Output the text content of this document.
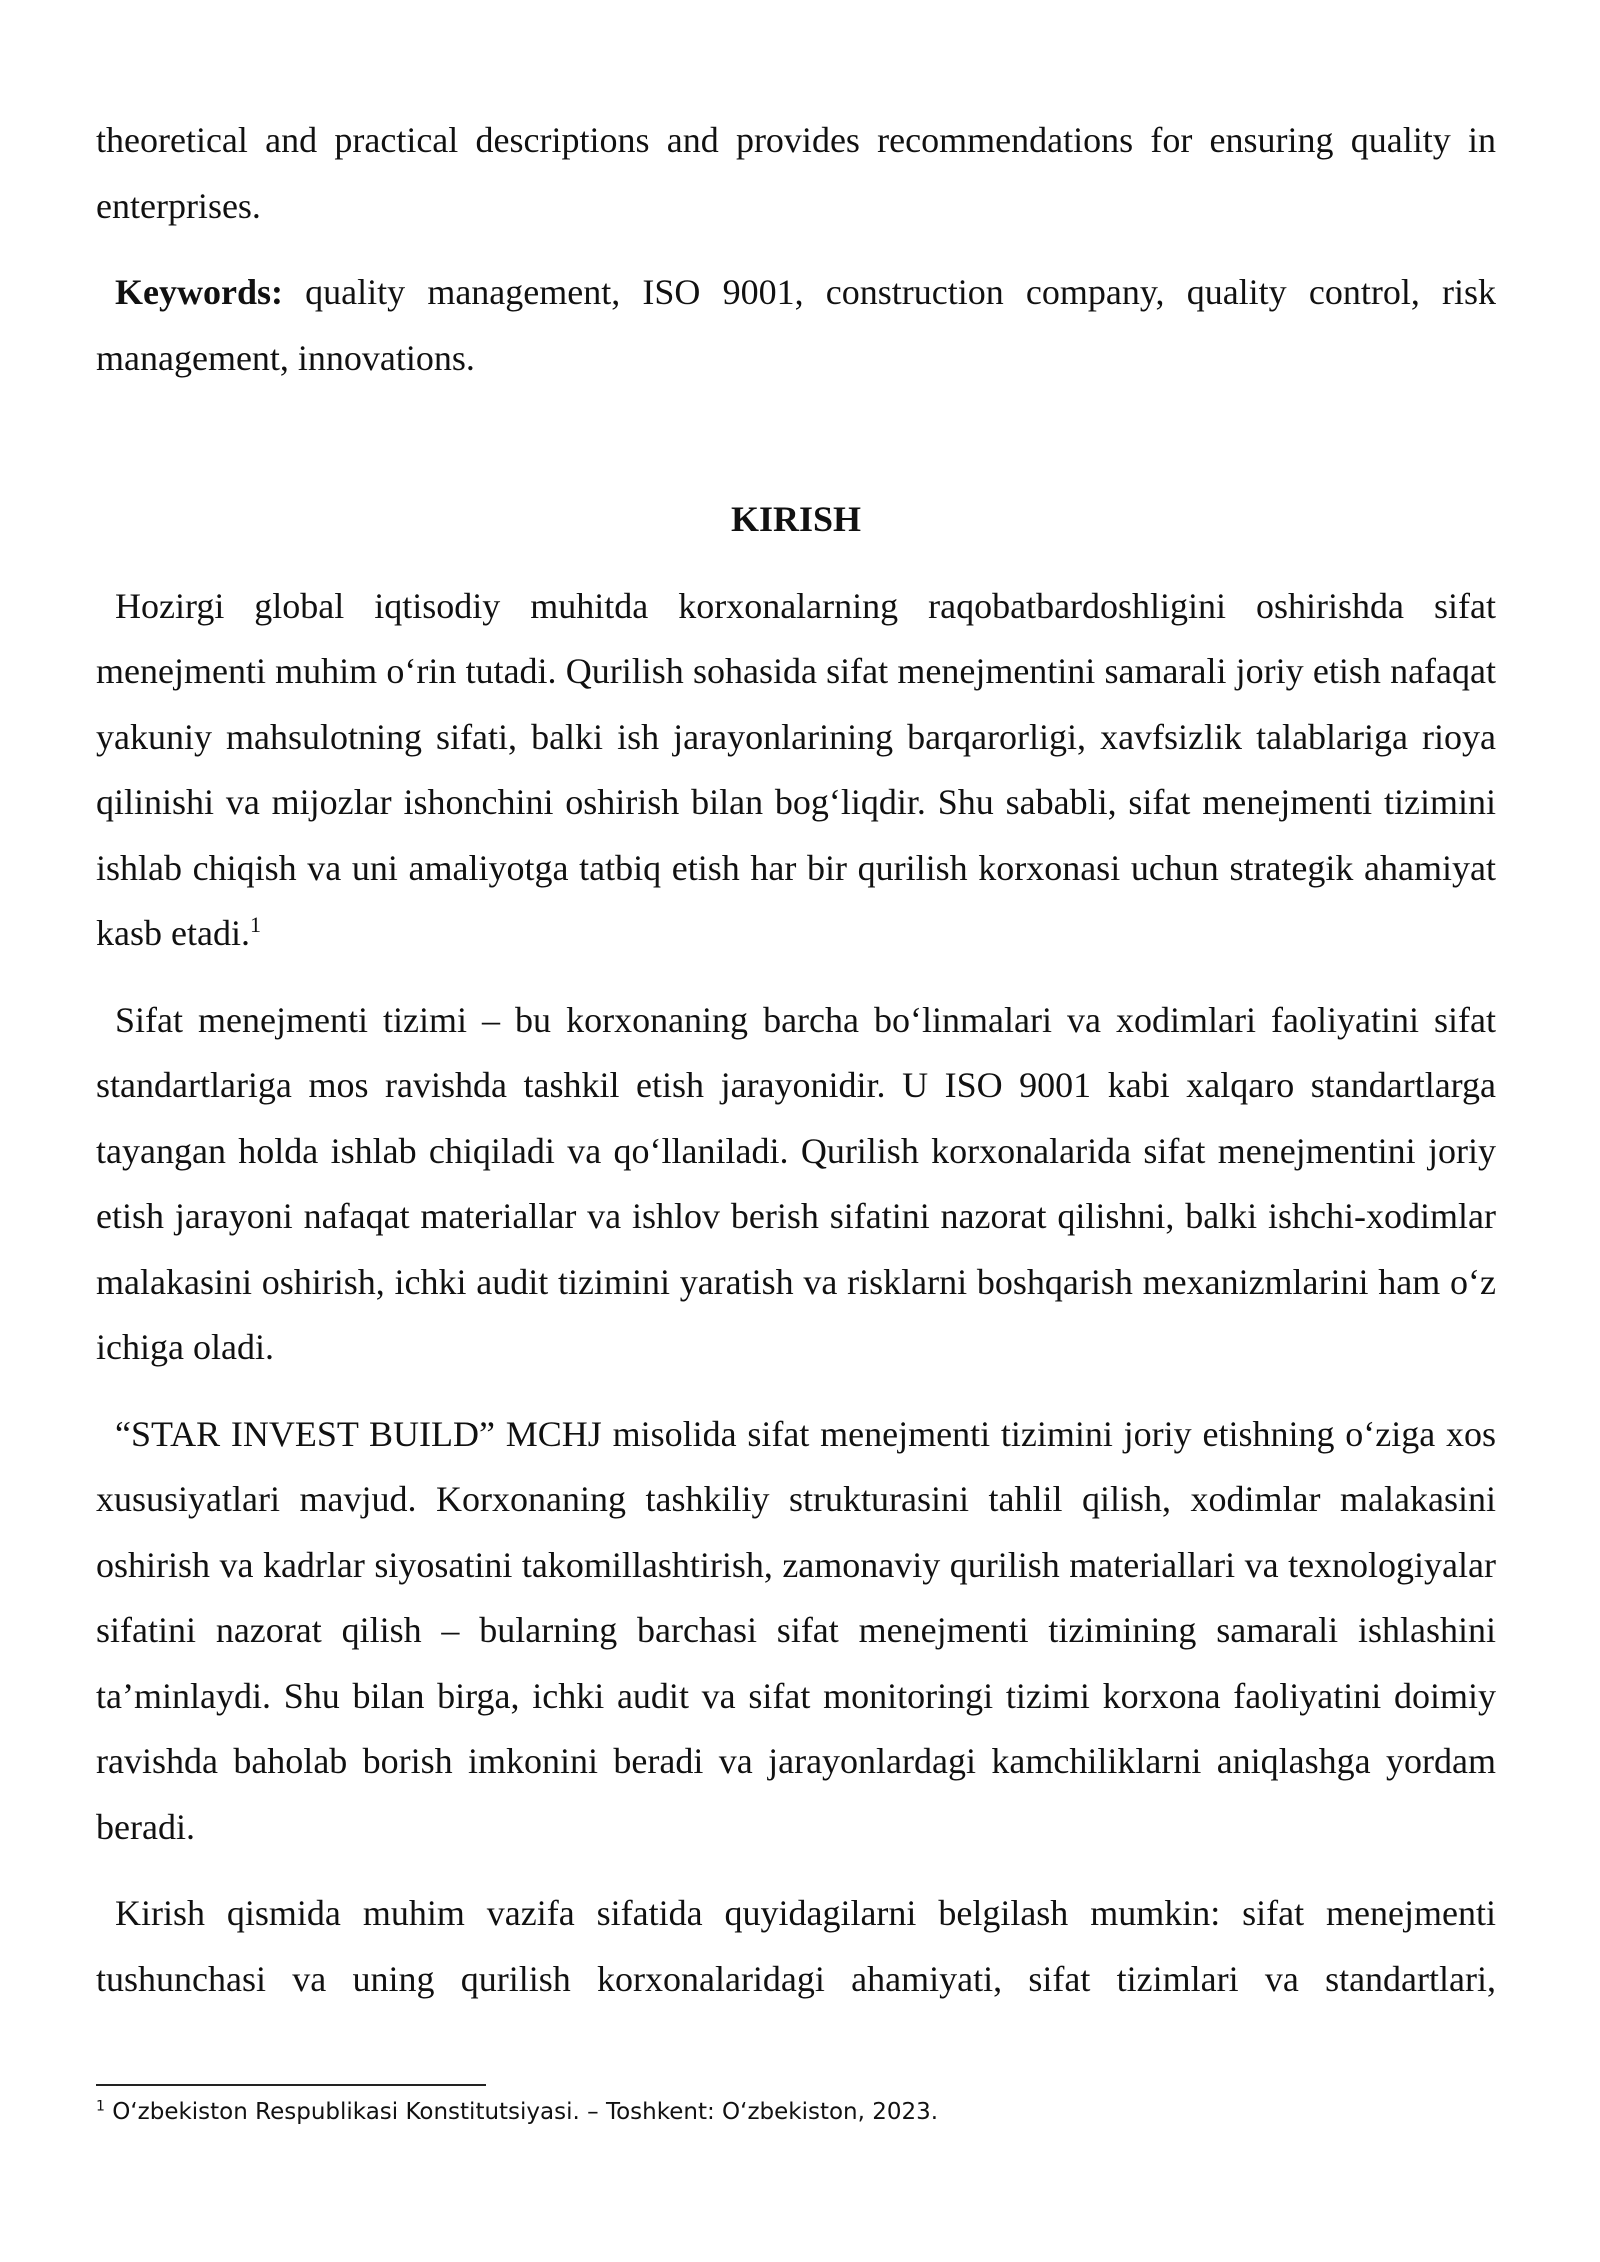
theoretical and practical descriptions and provides recommendations for ensuring quality in enterprises.

Keywords: quality management, ISO 9001, construction company, quality control, risk management, innovations.

KIRISH

Hozirgi global iqtisodiy muhitda korxonalarning raqobatbardoshligini oshirishda sifat menejmenti muhim o‘rin tutadi. Qurilish sohasida sifat menejmentini samarali joriy etish nafaqat yakuniy mahsulotning sifati, balki ish jarayonlarining barqarorligi, xavfsizlik talablariga rioya qilinishi va mijozlar ishonchini oshirish bilan bog‘liqdir. Shu sababli, sifat menejmenti tizimini ishlab chiqish va uni amaliyotga tatbiq etish har bir qurilish korxonasi uchun strategik ahamiyat kasb etadi.$^1$

Sifat menejmenti tizimi – bu korxonaning barcha bo‘linmalari va xodimlari faoliyatini sifat standartlariga mos ravishda tashkil etish jarayonidir. U ISO 9001 kabi xalqaro standartlarga tayangan holda ishlab chiqiladi va qo‘llaniladi. Qurilish korxonalarida sifat menejmentini joriy etish jarayoni nafaqat materiallar va ishlov berish sifatini nazorat qilishni, balki ishchi-xodimlar malakasini oshirish, ichki audit tizimini yaratish va risklarni boshqarish mexanizmlarini ham o‘z ichiga oladi.

“STAR INVEST BUILD” MCHJ misolida sifat menejmenti tizimini joriy etishning o‘ziga xos xususiyatlari mavjud. Korxonaning tashkiliy strukturasini tahlil qilish, xodimlar malakasini oshirish va kadrlar siyosatini takomillashtirish, zamonaviy qurilish materiallari va texnologiyalar sifatini nazorat qilish – bularning barchasi sifat menejmenti tizimining samarali ishlashini ta’minlaydi. Shu bilan birga, ichki audit va sifat monitoringi tizimi korxona faoliyatini doimiy ravishda baholab borish imkonini beradi va jarayonlardagi kamchiliklarni aniqlashga yordam beradi.

Kirish qismida muhim vazifa sifatida quyidagilarni belgilash mumkin: sifat menejmenti tushunchasi va uning qurilish korxonalaridagi ahamiyati, sifat tizimlari va standartlari,

$^1$ O‘zbekiston Respublikasi Konstitutsiyasi. – Toshkent: O‘zbekiston, 2023.
